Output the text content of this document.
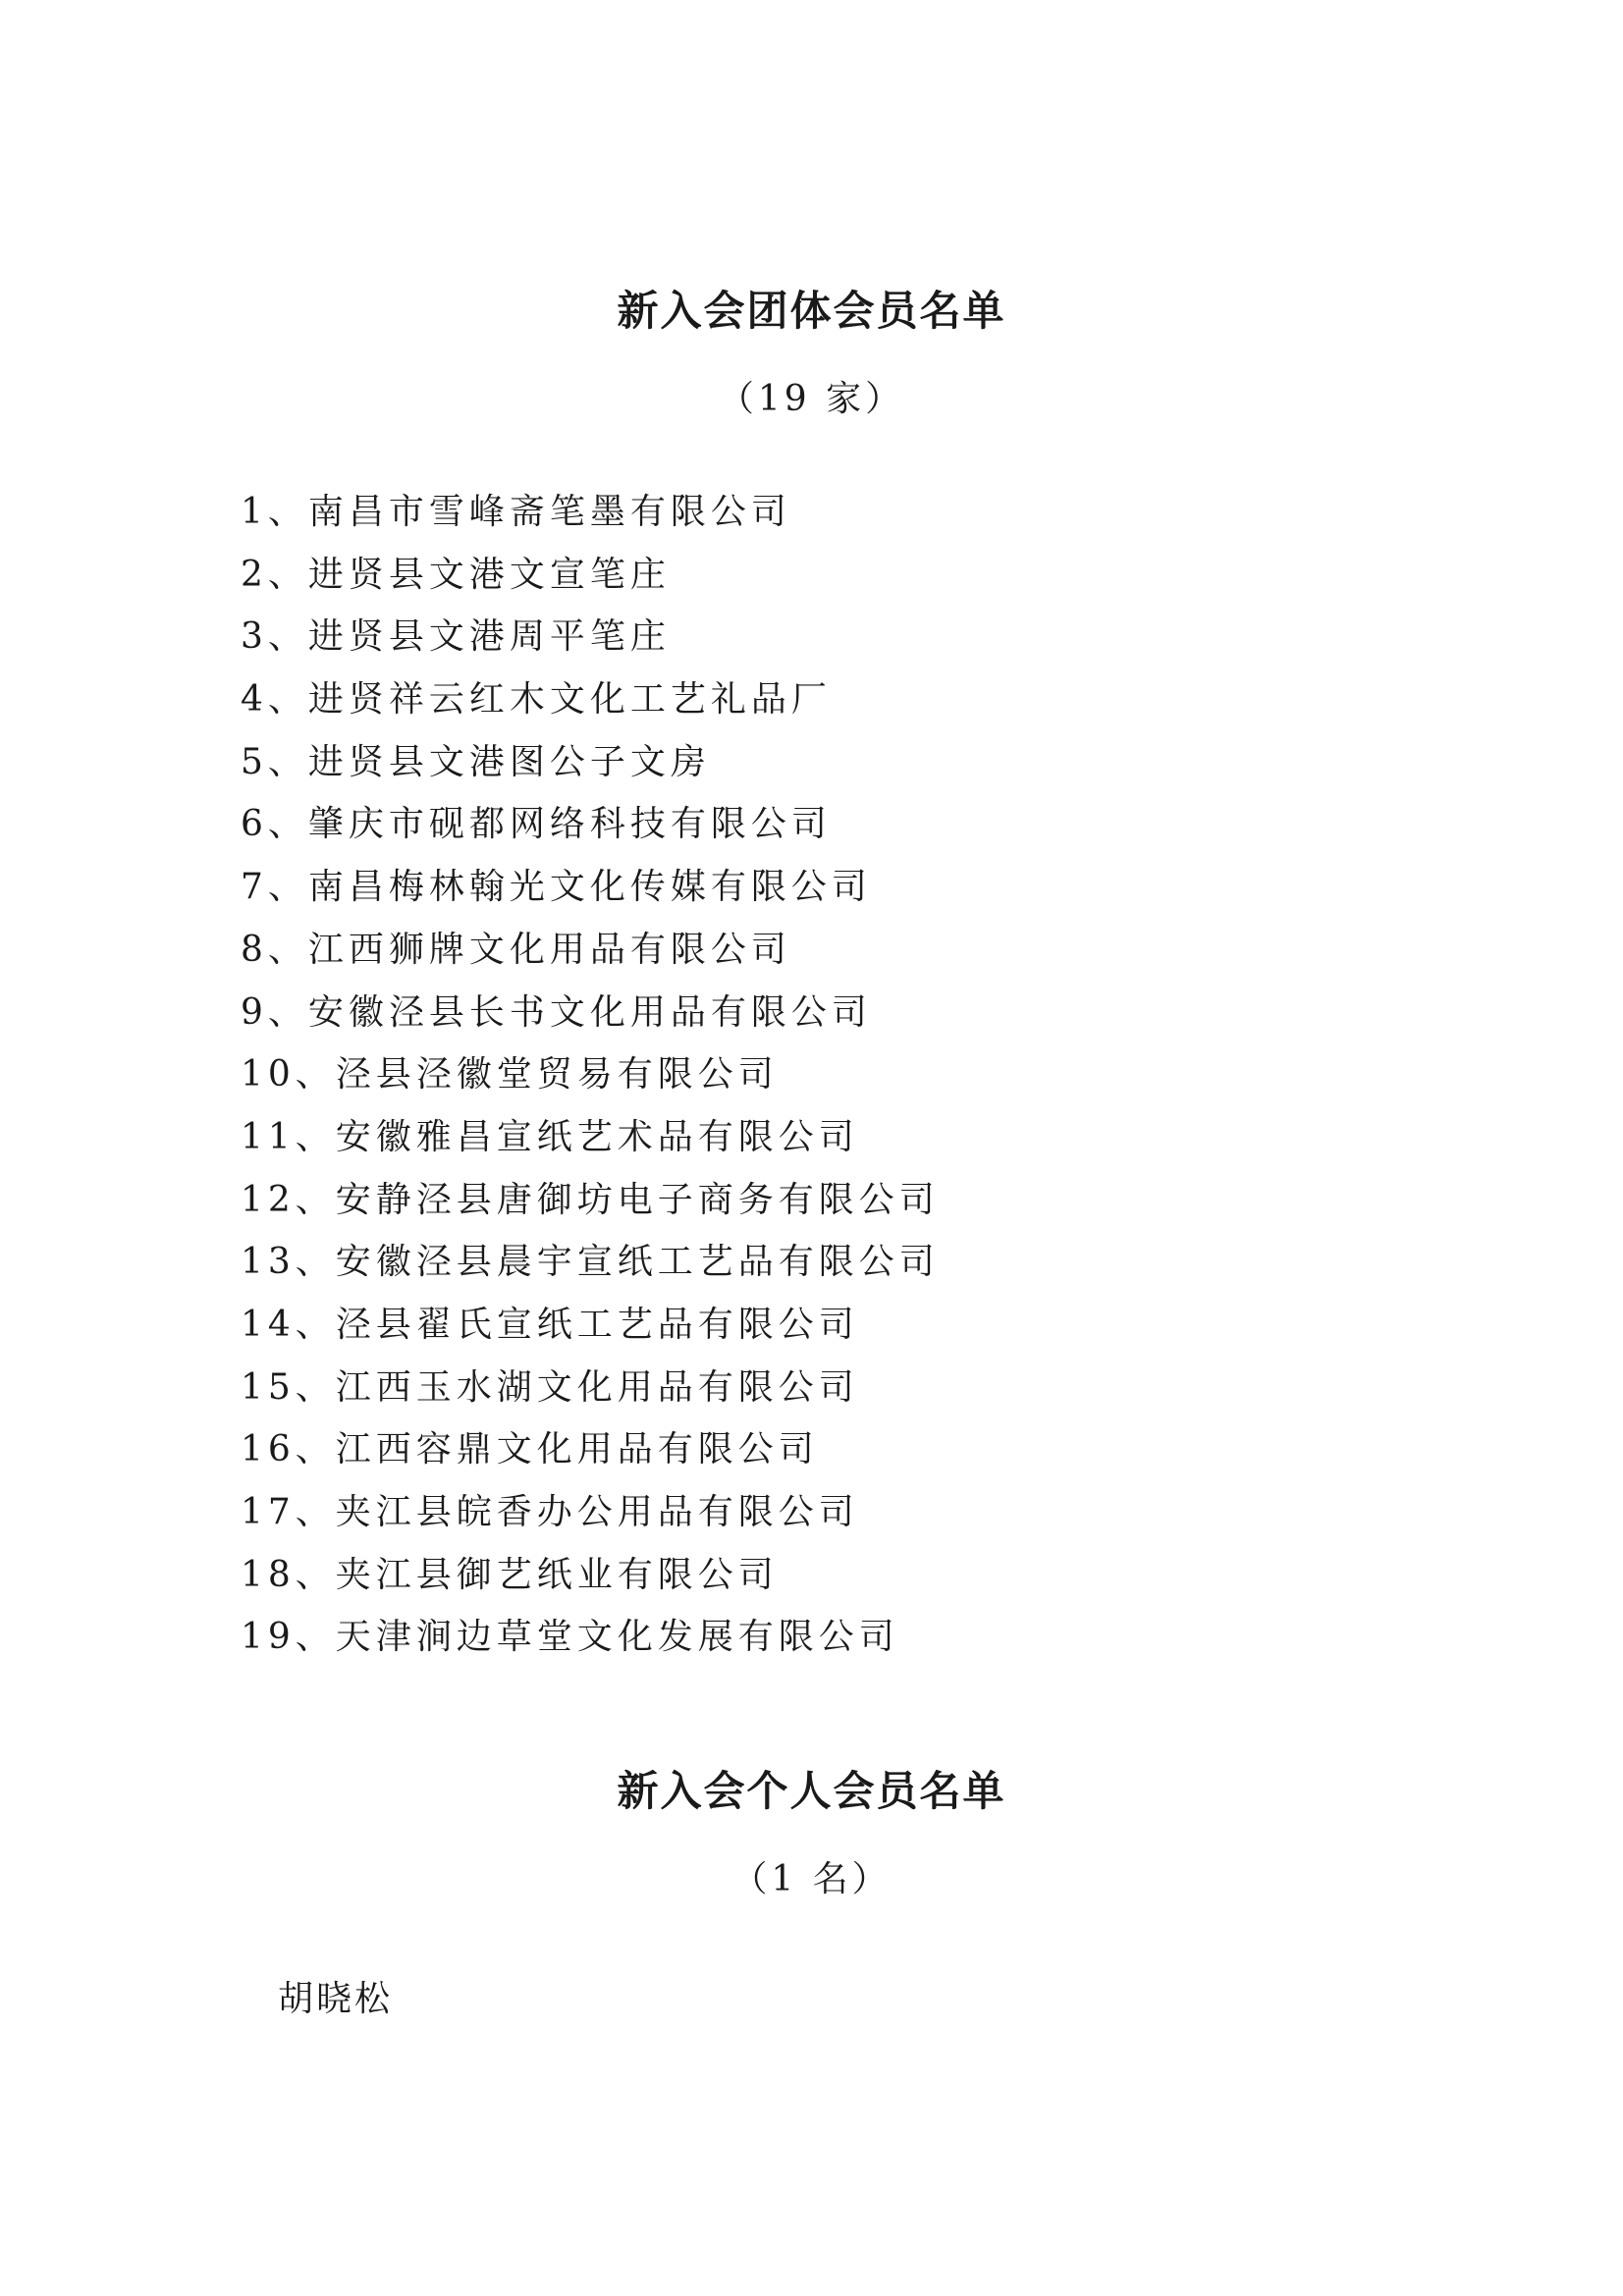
新入会团体会员名单
（19 家）
1、南昌市雪峰斋笔墨有限公司
2、进贤县文港文宣笔庄
3、进贤县文港周平笔庄
4、进贤祥云红木文化工艺礼品厂
5、进贤县文港图公子文房
6、肇庆市砚都网络科技有限公司
7、南昌梅林翰光文化传媒有限公司
8、江西狮牌文化用品有限公司
9、安徽泾县长书文化用品有限公司
10、泾县泾徽堂贸易有限公司
11、安徽雅昌宣纸艺术品有限公司
12、安静泾县唐御坊电子商务有限公司
13、安徽泾县晨宇宣纸工艺品有限公司
14、泾县翟氏宣纸工艺品有限公司
15、江西玉水湖文化用品有限公司
16、江西容鼎文化用品有限公司
17、夹江县皖香办公用品有限公司
18、夹江县御艺纸业有限公司
19、天津涧边草堂文化发展有限公司
新入会个人会员名单
（1 名）
胡晓松
